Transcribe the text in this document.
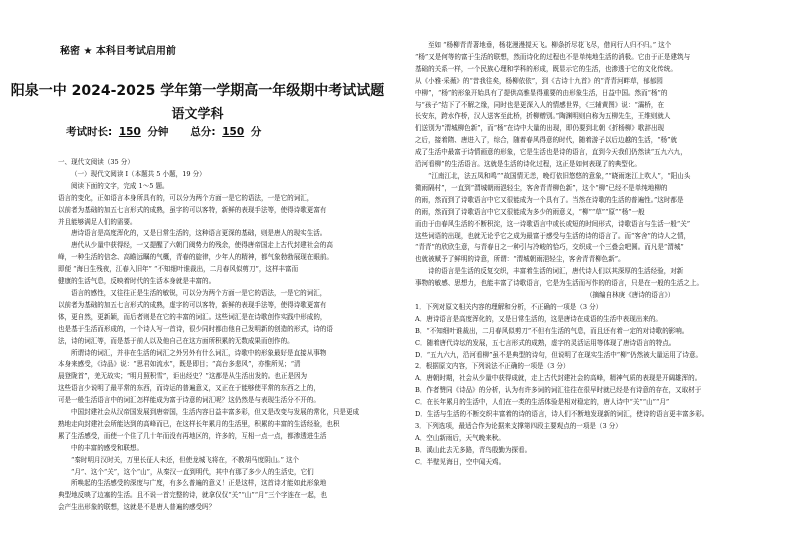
秘密 ★ 本科目考试启用前
阳泉一中 2024-2025 学年第一学期高一年级期中考试试题
语文学科
考试时长: 150 分钟 总分: 150 分

一、现代文阅读（35 分）

（一）现代文阅读 I（本题共 5 小题，19 分）

阅读下面的文字，完成 1～5 题。

语言的变化，正如语言本身所具有的，可以分为两个方面一是它的语法，一是它的词汇，

以前者为基础的加五七言形式的成熟，虽字的可以客特，新鲜的表现手法等，使得诗歌更富有

并且能够满足人们的需要。

唐诗语言是高度浑化的，又是日常生活的，这种语言更深的基础，则是唐人的现实生活。

唐代从少量中获得经，一又提醒了六朝门阀势力的残余，使得唐帝国走上古代封建社会的高

峰，一种生活的信念、高瞻远瞩的气概，青春的旋律，少年人的精神，都气象勃勃展现在眼前。

即便 “海日生残夜，江春入旧年” “不知细叶谁裁出，二月春风似剪刀”，这样丰富而

健康的生活气息，反映着时代的生活本身就是丰富的。

语言的感性，又往往正是生活的敏锐，可以分为两个方面一是它的语法，一是它的词汇，

以前者为基础的加五七言形式的成熟，虚字的可以客特，新鲜的表现手法等，使得诗歌更富有

体，更自然，更新颖，而后者则是在它的丰富的词汇。这些词汇是在诗歌创作实践中形成的，

也是基于生活而形成的，一个诗人写一首诗，很少同时都由他自己发明新的创造的形式，诗的语

法，诗的词汇等，而是基于前人以及他自己在这方面所积累的无数成果而创作的。

所谓诗的词汇，并非在生活的词汇之外另外有什么词汇，诗歌中的形象最好是直接从事物

本身来感受，《诗品》说：“思君如流水”，既是即目；“高台多悲风”，亦惟所见；“清

晨登陇首”，羌无故实；“明月照积雪”，讵出经史？”这都是从生活出发的。也正是因为

这些语言少说明了最平常的东西，而诗运的普遍意义，又正在于能够使平常的东西之上的，

可是一般生活语言中的词汇怎样能成为富于诗意的词汇呢？这仍然是与表现生活分不开的。

中国封建社会从汉帝国发展到唐帝国，生活内容日益丰富多彩，但又是改变与发展的常化，只是更成

熟地走向封建社会所能达到的高峰而已，在这样长年累月的生活里，积累的丰富的生活经验，也积

累了生活感受，而使一个住了几十年而没有再地区的，许多的，互相一点一点，都渗透进生活

中的丰富的感受和联想。

“秦时明月汉时关，万里长征人未还，但使龙城飞将在，不教胡马度阴山。” 这个

“月”、这个“关”，这个“山”，从秦汉一直到明代，其中有那了多少人的生活史，它们

所唤起的生活感受的深度与广度，有多么普遍的意义！正是这样，这首诗才能如此形象地

典型地反映了边塞的生活。且不说一首完整的诗，就拿仅仅“关”“山”“月”三个字连在一起，也

会产生出形象的联想，这就是不是唐人普遍的感受吗？

至如 “杨柳青青著地垂，杨花漫漫搅天飞。柳条折尽花飞尽，借问行人归不归。” 这个

“杨”又是何等的富于生活的联想，然而诗化的过程也不是单纯地生活的消极。它由于正是建筑与

基础的关系一样，一个民族心理和学科的形成，既显示它的生活，也渗透于它的文化传统。

从《小雅·采薇》的“昔我往矣，杨柳依依”，到《古诗十九首》的“青青河畔草，郁郁园

中柳”，“杨”的形象开始具有了提供高雅显得重要的由形象生活，日益中国。然而“杨”的

与“孩子”结下了不解之缘，同时也是更深入人的情感世界，《三辅黄图》说：“灞桥，在

长安东，跨水作桥，汉人送客至此桥，折柳赠别。”陶渊明则自称为五柳先生，王维则就人

们送别为“渭城柳色新”，而“杨”在诗中大量的出现，即仍要到北朝《折杨柳》歌辞出现

之后，接着隋、唐进入了，综合，随着春风得意的时代，随着游子以后边越的生活，“杨”就

成了生活中最富于诗情画意的形象，它是生活也是诗的语言，直到今天我们仍然读“五九六九，

沿河看柳”的生活语言。这就是生活的诗化过程，这正是如何表现了的典型化。

“江南江北，法五凤和鸣”“故国情无恙，晚灯依旧悠悠的意象，”“晓雨迷江上吹人”，“阳山头

微雨隔村”，一直到“渭城朝雨浥轻尘，客舍青青柳色新”，这个“柳”已经不是单纯地柳的

的雨，然而到了诗歌语言中它又很能成为一个具有了。当然在诗歌的生活的普遍性。”这时都是

的雨，然而到了诗歌语言中它又很能成为多少的雨意义，“柳”“草”“原”“杨”一般

而由于由春风生活的不断积淀，这一诗歌语言中或长或短的时间形式，诗歌语言与生活一般“关”

这些词语的出现，也就无论乎它之成为最富于感受与生活的诗的语言了。而“客舍”的诗人之情，

“青青”的欣欣生意，与青春日之一种引与冷峻的恰巧，交织成一个三叠会吧圆。而凡是“渭城”

也就被赋予了鲜明的诗意，所谓：“渭城朝雨浥轻尘，客舍青青柳色新”。

诗的语言是生活的反复交织，丰富着生活的词汇，唐代诗人们以其深厚的生活经验，对新

事物的敏感、思想力，也能丰富了诗歌语言，它是为生活而写作的的语言，只是在一般的生活之上。

（摘编自林庚《唐诗的语言》）

1．下列对原文相关内容的理解和分析，不正确的一项是（3 分）

A．唐诗语言是高度浑化的，又是日常生活的，这是唐诗在成语的生活中表现出来的。

B．“不知细叶谁裁出，二月春风似剪刀”不但有生活的气息，而且还有着一定的对诗歌的影响。

C．随着唐代诗坛的发展，五七言形式的成熟，虚字的灵活运用等体现了唐诗语言的特点。

D．“五九六九，沿河看柳”虽不是典型的诗句，但说明了在现实生活中“柳”仍然被大量运用了诗意。

2．根据原文内容，下列说法不正确的一项是（3 分）

A．唐朝时期，社会从少量中获得成就，走上古代封建社会的高峰，精神气质的表现是开阔雄浑的。

B．作者赞同《诗品》的分析，认为有许多词的词汇往往在很早时就已经是有诗意的存在，又取材于

C．在长年累月的生活中，人们在一类的生活体验是相对稳定的，唐人诗中“关”“山”“月”

D．生活与生活的不断交织丰富着的诗的语言，诗人们不断地发现新的词汇，使诗的语言更丰富多彩。

3．下列选项，最适合作为论据来支撑第四段主要观点的一项是（3 分）

A．空山新雨后，天气晚来秋。

B．溪山此去无多路，青鸟殷勤为探看。

C．半壁见海日，空中闻天鸡。
